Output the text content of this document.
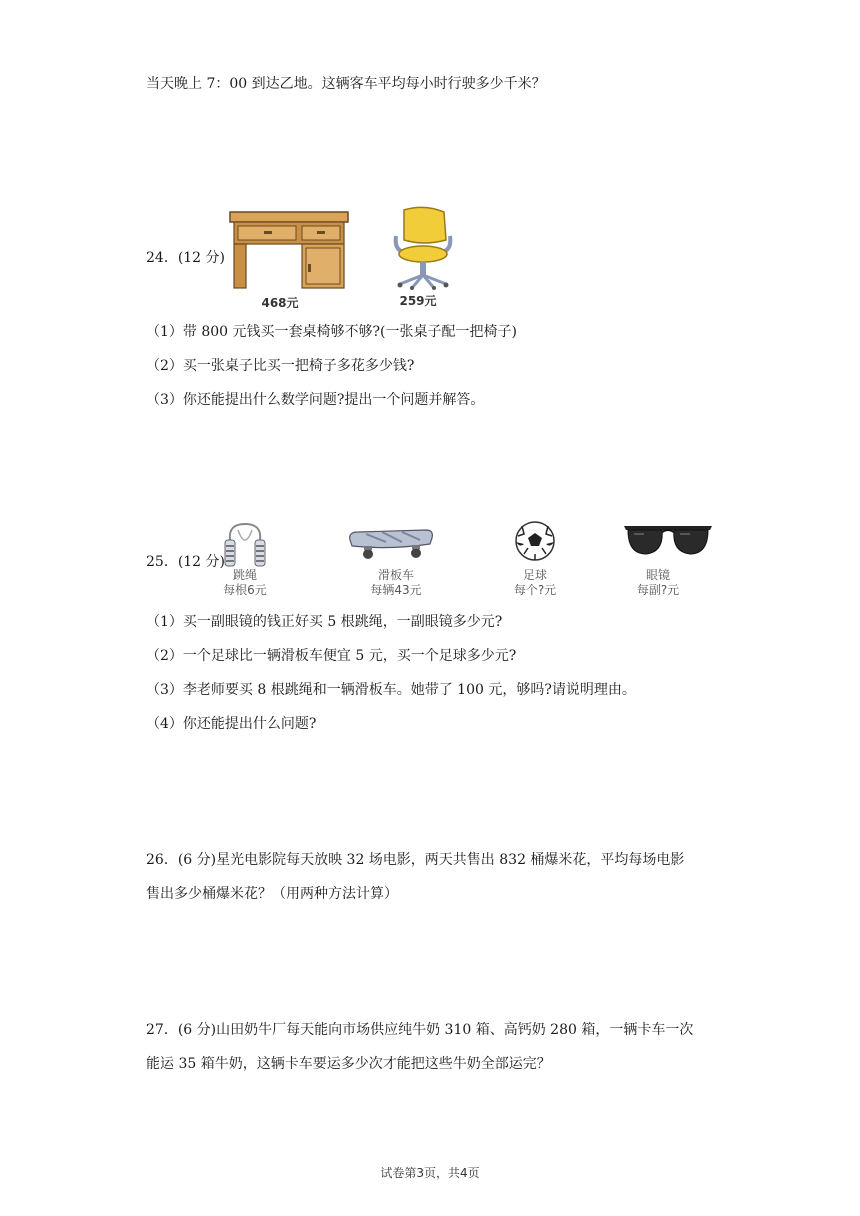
当天晚上 7：00 到达乙地。这辆客车平均每小时行驶多少千米？
24．(12 分)
468元	259元
（1）带 800 元钱买一套桌椅够不够?(一张桌子配一把椅子)
（2）买一张桌子比买一把椅子多花多少钱?
（3）你还能提出什么数学问题?提出一个问题并解答。
25．(12 分)
跳绳
每根6元
滑板车
每辆43元
足球
每个?元
眼镜
每副?元
（1）买一副眼镜的钱正好买 5 根跳绳，一副眼镜多少元?
（2）一个足球比一辆滑板车便宜 5 元，买一个足球多少元?
（3）李老师要买 8 根跳绳和一辆滑板车。她带了 100 元，够吗?请说明理由。
（4）你还能提出什么问题?
26．(6 分)星光电影院每天放映 32 场电影，两天共售出 832 桶爆米花，平均每场电影
售出多少桶爆米花？（用两种方法计算）
27．(6 分)山田奶牛厂每天能向市场供应纯牛奶 310 箱、高钙奶 280 箱，一辆卡车一次
能运 35 箱牛奶，这辆卡车要运多少次才能把这些牛奶全部运完？
试卷第3页，共4页
